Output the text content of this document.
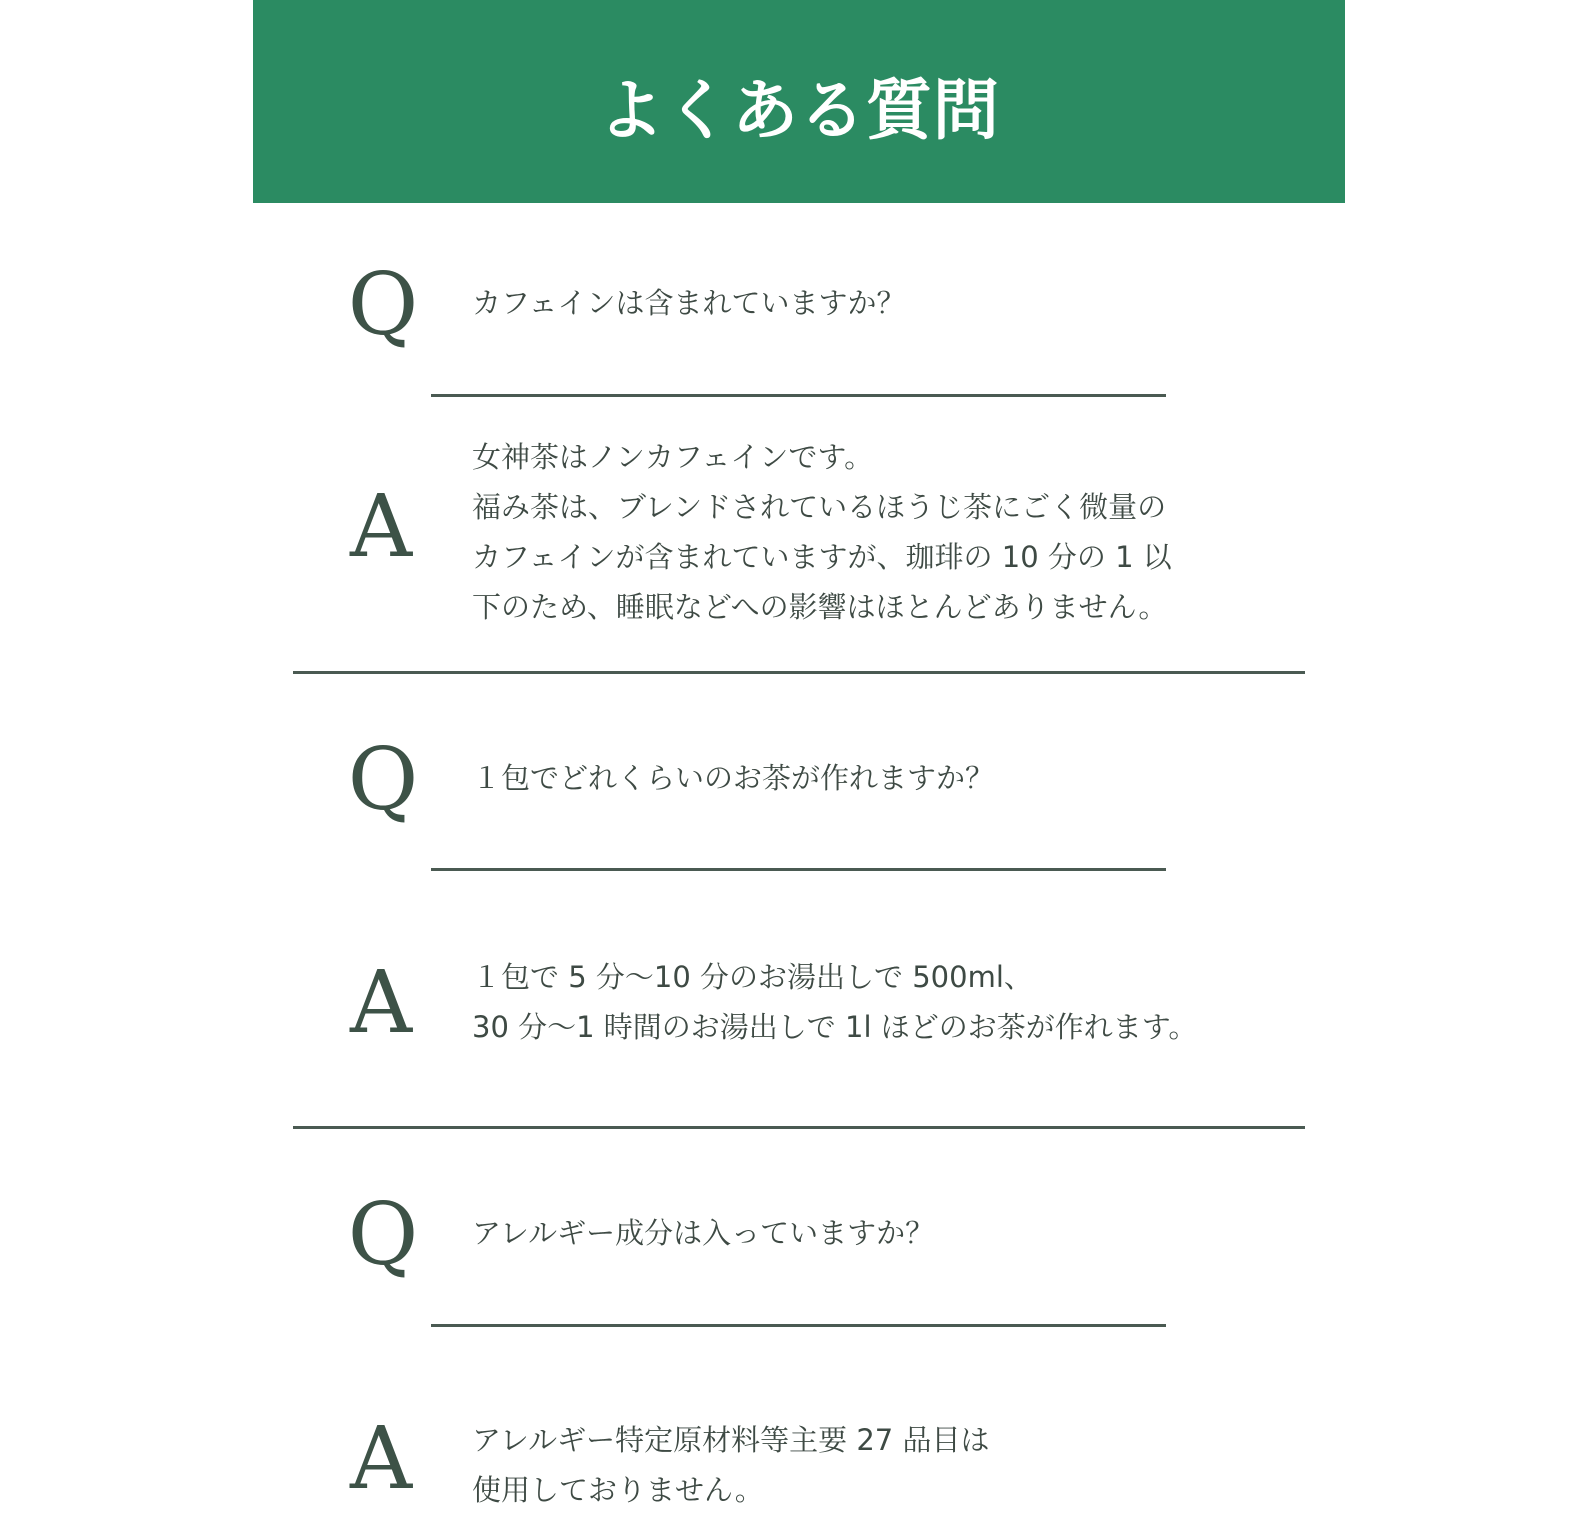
よくある質問
Q	カフェインは含まれていますか？
A
女神茶はノンカフェインです。
福み茶は、ブレンドされているほうじ茶にごく微量の
カフェインが含まれていますが、珈琲の 10 分の 1 以
下のため、睡眠などへの影響はほとんどありません。
Q	１包でどれくらいのお茶が作れますか？
A	１包で 5 分～10 分のお湯出しで 500ml、
30 分～1 時間のお湯出しで 1l ほどのお茶が作れます。
Q	アレルギー成分は入っていますか？
A	アレルギー特定原材料等主要 27 品目は
使用しておりません。
